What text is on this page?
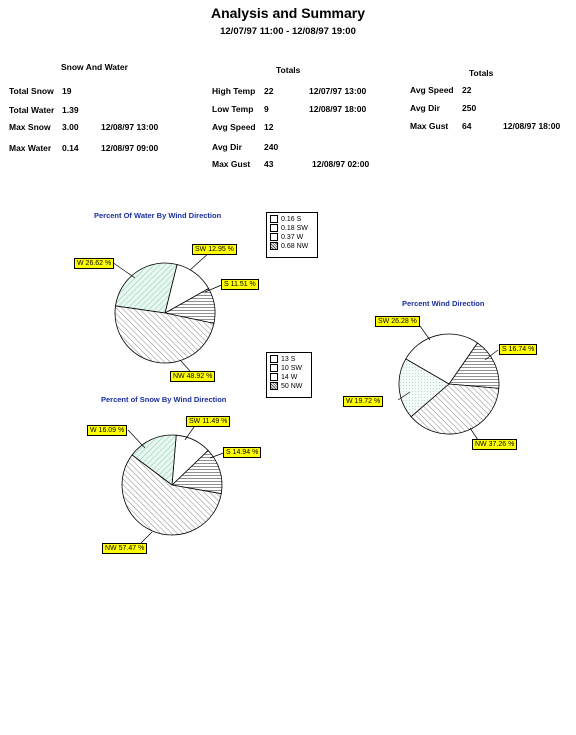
Analysis and Summary
12/07/97 11:00 - 12/08/97 19:00
Snow And Water
Total Snow 19
Total Water 1.39
Max Snow 3.00	12/08/97 13:00
Max Water 0.14	12/08/97 09:00
Totals
High Temp 22	12/07/97 13:00
Low Temp 9	12/08/97 18:00
Avg Speed 12
Avg Dir	240
Max Gust 43	12/08/97 02:00
Totals
Avg Speed 22
Avg Dir	250
Max Gust 64	12/08/97 18:00
Percent Of Water By Wind Direction
Percent of Snow By Wind Direction
Percent Wind Direction
0.16 S
0.18 SW
0.37 W
0.68 NW
13 S
10 SW
14 W
50 NW
SW 12.95 %
S 11.51 %
W 26.62 %
NW 48.92 %
SW 11.49 %
S 14.94 %
W 16.09 %
NW 57.47 %
SW 26.28 %
S 16.74 %
W 19.72 %
NW 37.26 %
